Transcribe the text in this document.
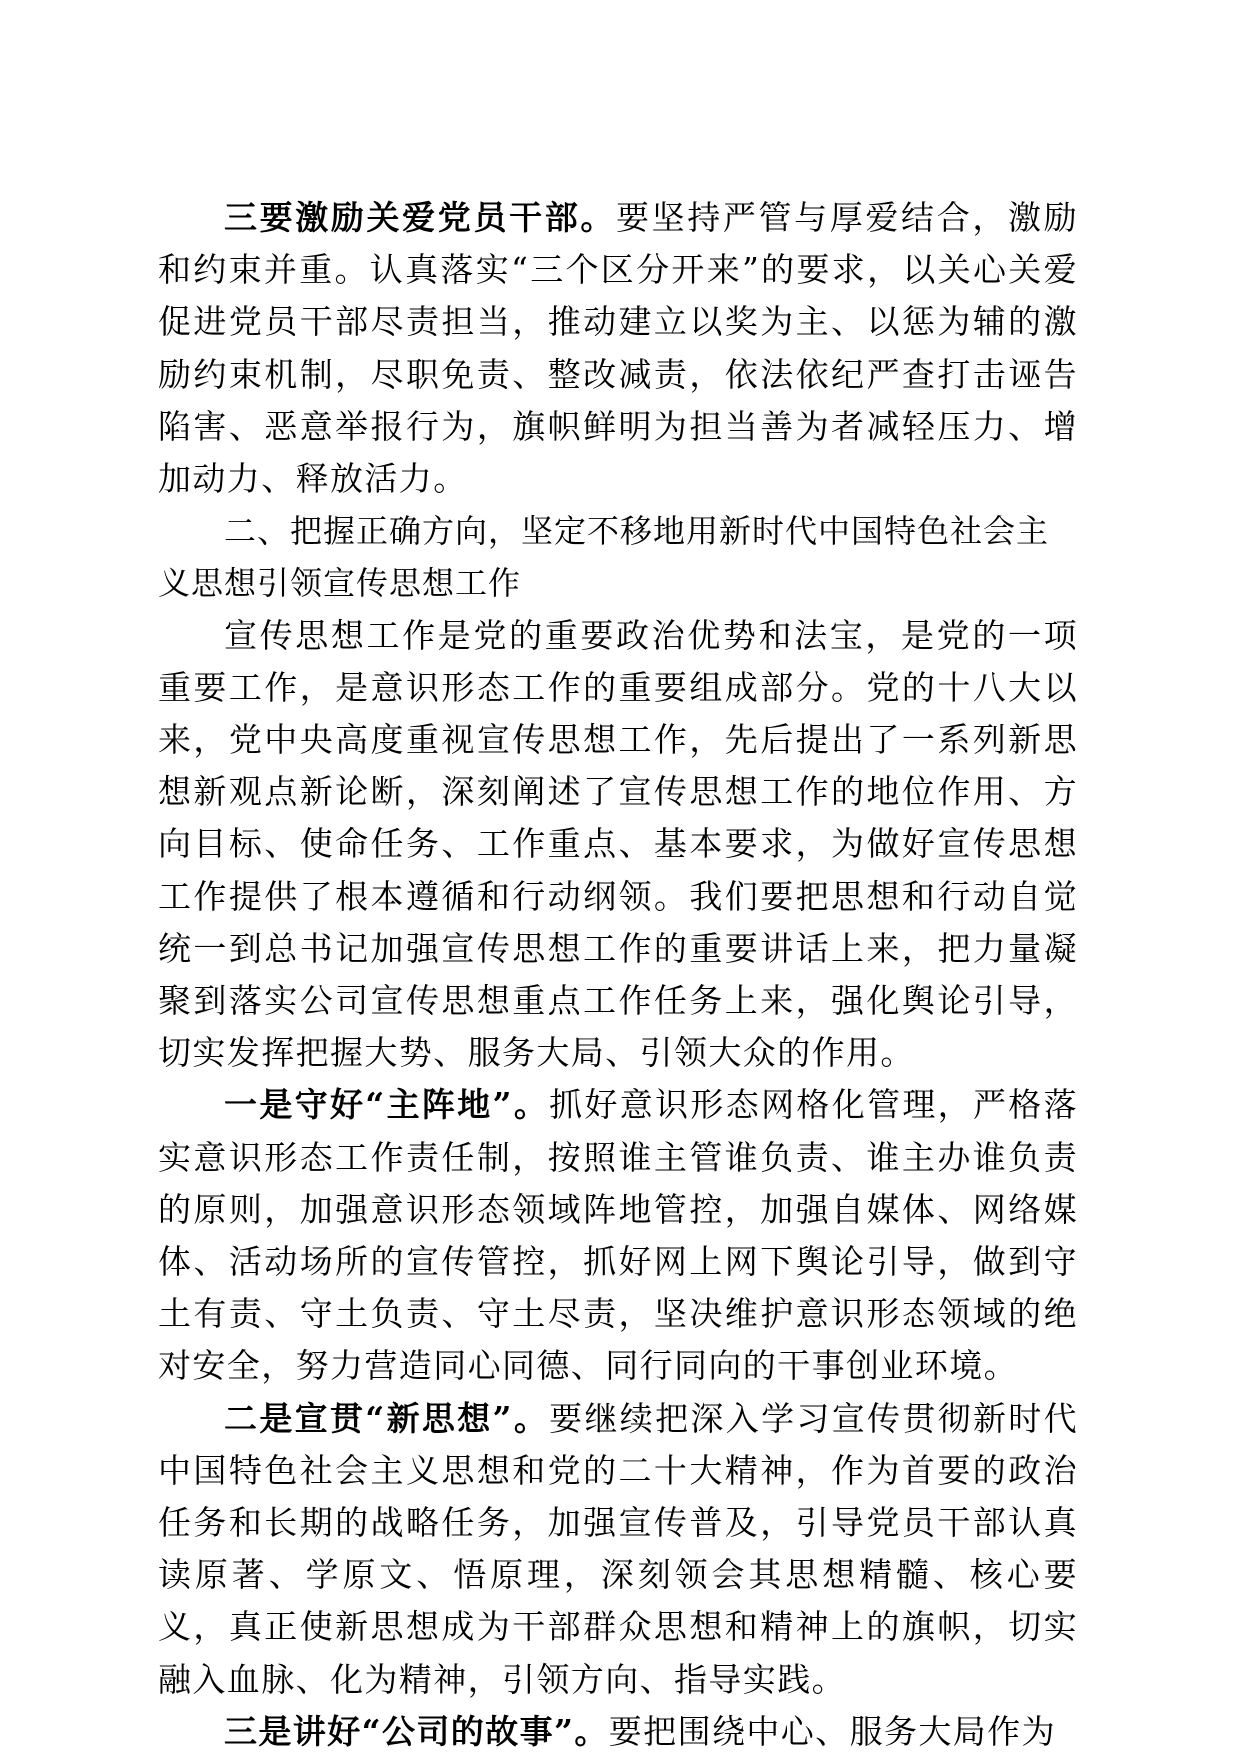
三要激励关爱党员干部。要坚持严管与厚爱结合，激励和约束并重。认真落实“三个区分开来”的要求，以关心关爱促进党员干部尽责担当，推动建立以奖为主、以惩为辅的激励约束机制，尽职免责、整改减责，依法依纪严查打击诬告陷害、恶意举报行为，旗帜鲜明为担当善为者减轻压力、增加动力、释放活力。

二、把握正确方向，坚定不移地用新时代中国特色社会主义思想引领宣传思想工作

宣传思想工作是党的重要政治优势和法宝，是党的一项重要工作，是意识形态工作的重要组成部分。党的十八大以来，党中央高度重视宣传思想工作，先后提出了一系列新思想新观点新论断，深刻阐述了宣传思想工作的地位作用、方向目标、使命任务、工作重点、基本要求，为做好宣传思想工作提供了根本遵循和行动纲领。我们要把思想和行动自觉统一到总书记加强宣传思想工作的重要讲话上来，把力量凝聚到落实公司宣传思想重点工作任务上来，强化舆论引导，切实发挥把握大势、服务大局、引领大众的作用。

一是守好“主阵地”。抓好意识形态网格化管理，严格落实意识形态工作责任制，按照谁主管谁负责、谁主办谁负责的原则，加强意识形态领域阵地管控，加强自媒体、网络媒体、活动场所的宣传管控，抓好网上网下舆论引导，做到守土有责、守土负责、守土尽责，坚决维护意识形态领域的绝对安全，努力营造同心同德、同行同向的干事创业环境。

二是宣贯“新思想”。要继续把深入学习宣传贯彻新时代中国特色社会主义思想和党的二十大精神，作为首要的政治任务和长期的战略任务，加强宣传普及，引导党员干部认真读原著、学原文、悟原理，深刻领会其思想精髓、核心要义，真正使新思想成为干部群众思想和精神上的旗帜，切实融入血脉、化为精神，引领方向、指导实践。

三是讲好“公司的故事”。要把围绕中心、服务大局作为
